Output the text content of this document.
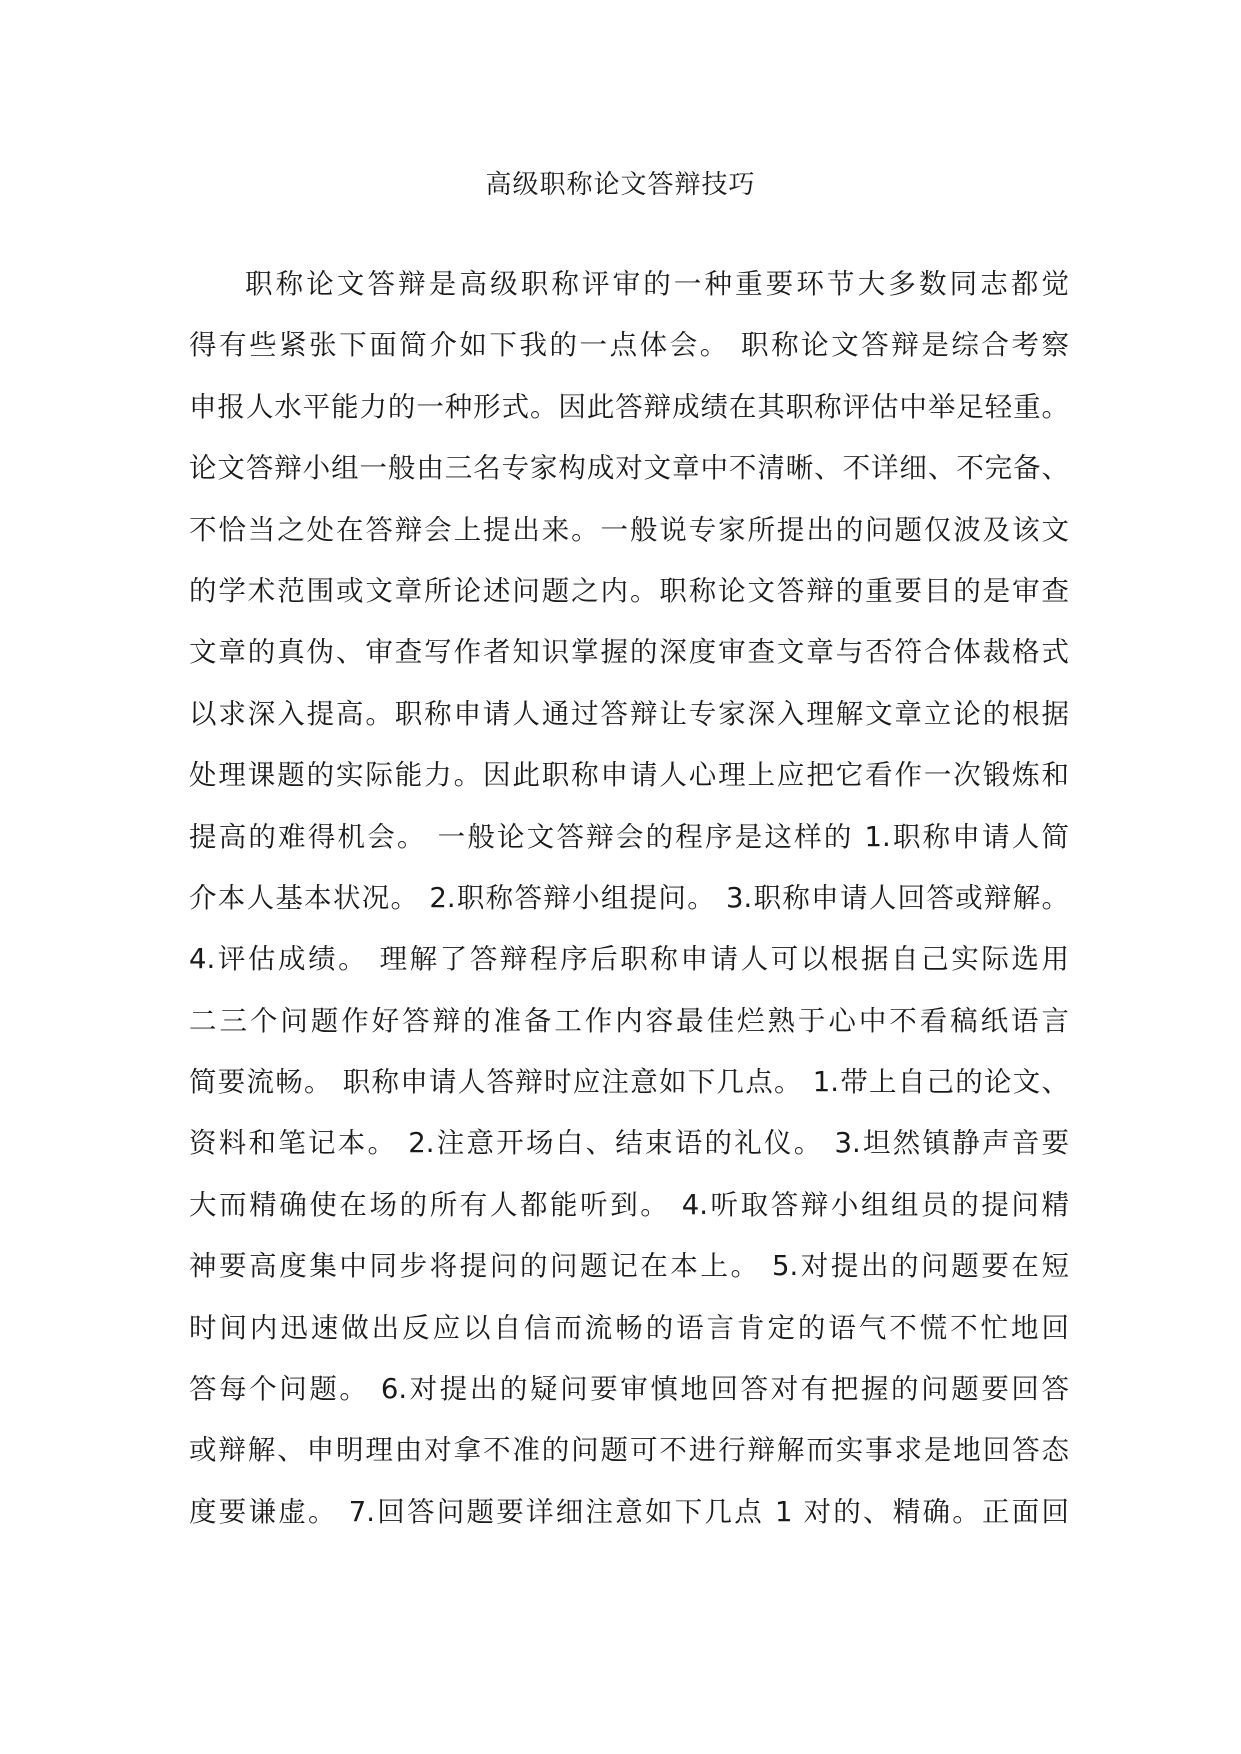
高级职称论文答辩技巧
职称论文答辩是高级职称评审的一种重要环节大多数同志都觉
得有些紧张下面简介如下我的一点体会。 职称论文答辩是综合考察
申报人水平能力的一种形式。因此答辩成绩在其职称评估中举足轻重。
论文答辩小组一般由三名专家构成对文章中不清晰、不详细、不完备、
不恰当之处在答辩会上提出来。一般说专家所提出的问题仅波及该文
的学术范围或文章所论述问题之内。职称论文答辩的重要目的是审查
文章的真伪、审查写作者知识掌握的深度审查文章与否符合体裁格式
以求深入提高。职称申请人通过答辩让专家深入理解文章立论的根据
处理课题的实际能力。因此职称申请人心理上应把它看作一次锻炼和
提高的难得机会。 一般论文答辩会的程序是这样的 1.职称申请人简
介本人基本状况。 2.职称答辩小组提问。 3.职称申请人回答或辩解。
4.评估成绩。 理解了答辩程序后职称申请人可以根据自己实际选用
二三个问题作好答辩的准备工作内容最佳烂熟于心中不看稿纸语言
简要流畅。 职称申请人答辩时应注意如下几点。 1.带上自己的论文、
资料和笔记本。 2.注意开场白、结束语的礼仪。 3.坦然镇静声音要
大而精确使在场的所有人都能听到。 4.听取答辩小组组员的提问精
神要高度集中同步将提问的问题记在本上。 5.对提出的问题要在短
时间内迅速做出反应以自信而流畅的语言肯定的语气不慌不忙地回
答每个问题。 6.对提出的疑问要审慎地回答对有把握的问题要回答
或辩解、申明理由对拿不准的问题可不进行辩解而实事求是地回答态
度要谦虚。 7.回答问题要详细注意如下几点 1 对的、精确。正面回
